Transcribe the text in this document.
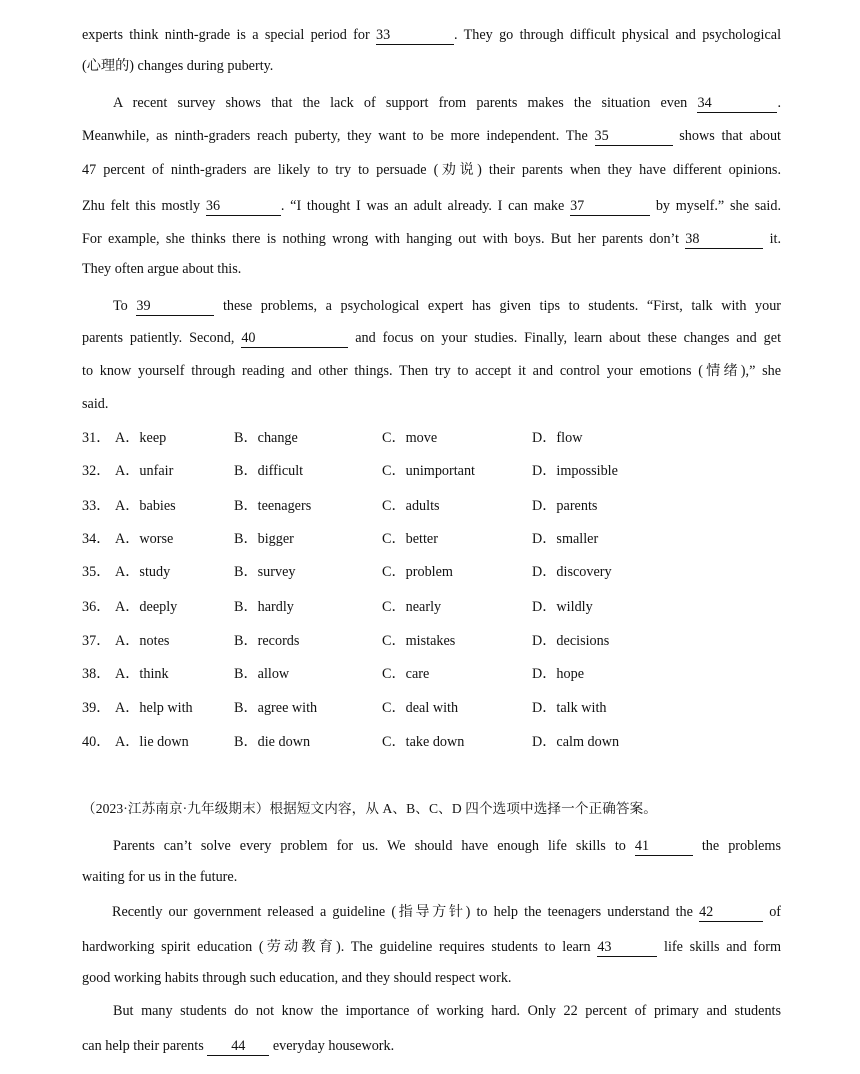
experts think ninth-grade is a special period for 33	. They go through difficult physical and psychological
(心理的) changes during puberty.
A recent survey shows that the lack of support from parents makes the situation even 34	.
Meanwhile, as ninth-graders reach puberty, they want to be more independent. The 35	shows that about
47 percent of ninth-graders are likely to try to persuade (劝说) their parents when they have different opinions.
Zhu felt this mostly 36	. “I thought I was an adult already. I can make 37	by myself.” she said.
For example, she thinks there is nothing wrong with hanging out with boys. But her parents don’t 38	it.
They often argue about this.
To 39	these problems, a psychological expert has given tips to students. “First, talk with your
parents patiently. Second, 40	and focus on your studies. Finally, learn about these changes and get
to know yourself through reading and other things. Then try to accept it and control your emotions (情绪),” she
said.
31． A．keep	B．change	C．move	D．flow
32． A．unfair	B．difficult	C．unimportant	D．impossible
33． A．babies	B．teenagers	C．adults	D．parents
34． A．worse	B．bigger	C．better	D．smaller
35． A．study	B．survey	C．problem	D．discovery
36． A．deeply	B．hardly	C．nearly	D．wildly
37． A．notes	B．records	C．mistakes	D．decisions
38． A．think	B．allow	C．care	D．hope
39． A．help with	B．agree with	C．deal with	D．talk with
40． A．lie down	B．die down	C．take down	D．calm down
（2023·江苏南京·九年级期末）根据短文内容，从 A、B、C、D 四个选项中选择一个正确答案。
Parents can’t solve every problem for us. We should have enough life skills to 41	the problems
waiting for us in the future.
Recently our government released a guideline (指导方针) to help the teenagers understand the 42	of
hardworking spirit education (劳动教育). The guideline requires students to learn 43	life skills and form
good working habits through such education, and they should respect work.
But many students do not know the importance of working hard. Only 22 percent of primary and students
can help their parents 44 everyday housework.
